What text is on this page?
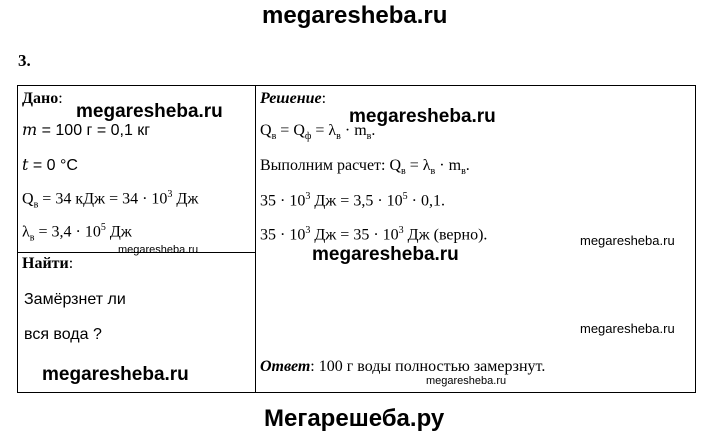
megaresheba.ru
3.
Дано:
m = 100 г = 0,1 кг
t = 0 °C
$Q_в = 34$ кДж = $34 \cdot 10^3$ Дж
$\lambda_в = 3,4 \cdot 10^5$ Дж

Решение:
$Q_в = Q_ф = \lambda_в \cdot m_в$.
Выполним расчет: $Q_в = \lambda_в \cdot m_в$.
$35 \cdot 10^3$ Дж = $3,5 \cdot 10^5 \cdot 0,1$.
$35 \cdot 10^3$ Дж = $35 \cdot 10^3$ Дж (верно).
Ответ: 100 г воды полностью замерзнут.

Найти:
Замёрзнет ли
вся вода ?
megaresheba.ru	megaresheba.ru
megaresheba.ru
megaresheba.ru
megaresheba.ru
megaresheba.ru
megaresheba.ru	megaresheba.ru
Мегарешеба.ру
